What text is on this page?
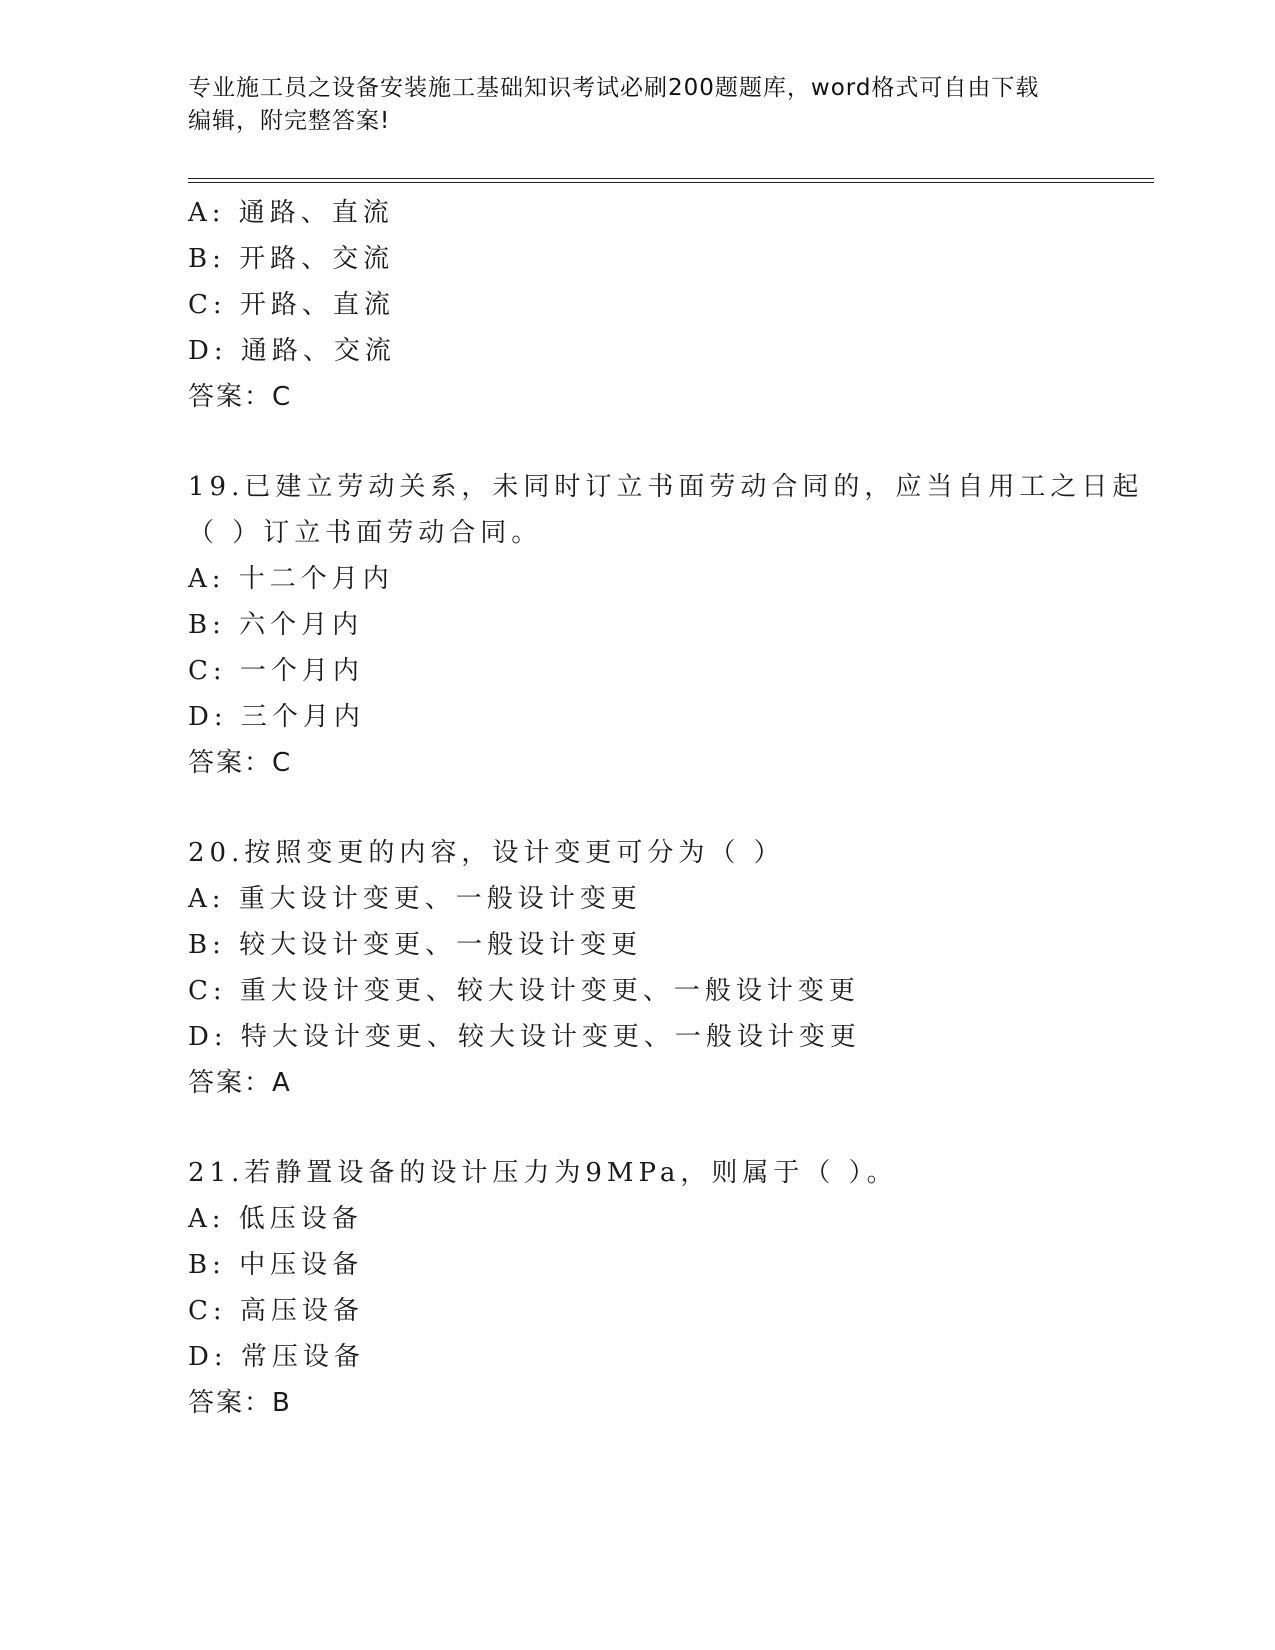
专业施工员之设备安装施工基础知识考试必刷200题题库，word格式可自由下载
编辑，附完整答案!
A: 通路、直流
B: 开路、交流
C: 开路、直流
D: 通路、交流
答案：C
19.已建立劳动关系，未同时订立书面劳动合同的，应当自用工之日起
（ ）订立书面劳动合同。
A: 十二个月内
B: 六个月内
C: 一个月内
D: 三个月内
答案：C
20.按照变更的内容，设计变更可分为（ ）
A: 重大设计变更、一般设计变更
B: 较大设计变更、一般设计变更
C: 重大设计变更、较大设计变更、一般设计变更
D: 特大设计变更、较大设计变更、一般设计变更
答案：A
21.若静置设备的设计压力为9MPa，则属于（ ）。
A: 低压设备
B: 中压设备
C: 高压设备
D: 常压设备
答案：B
